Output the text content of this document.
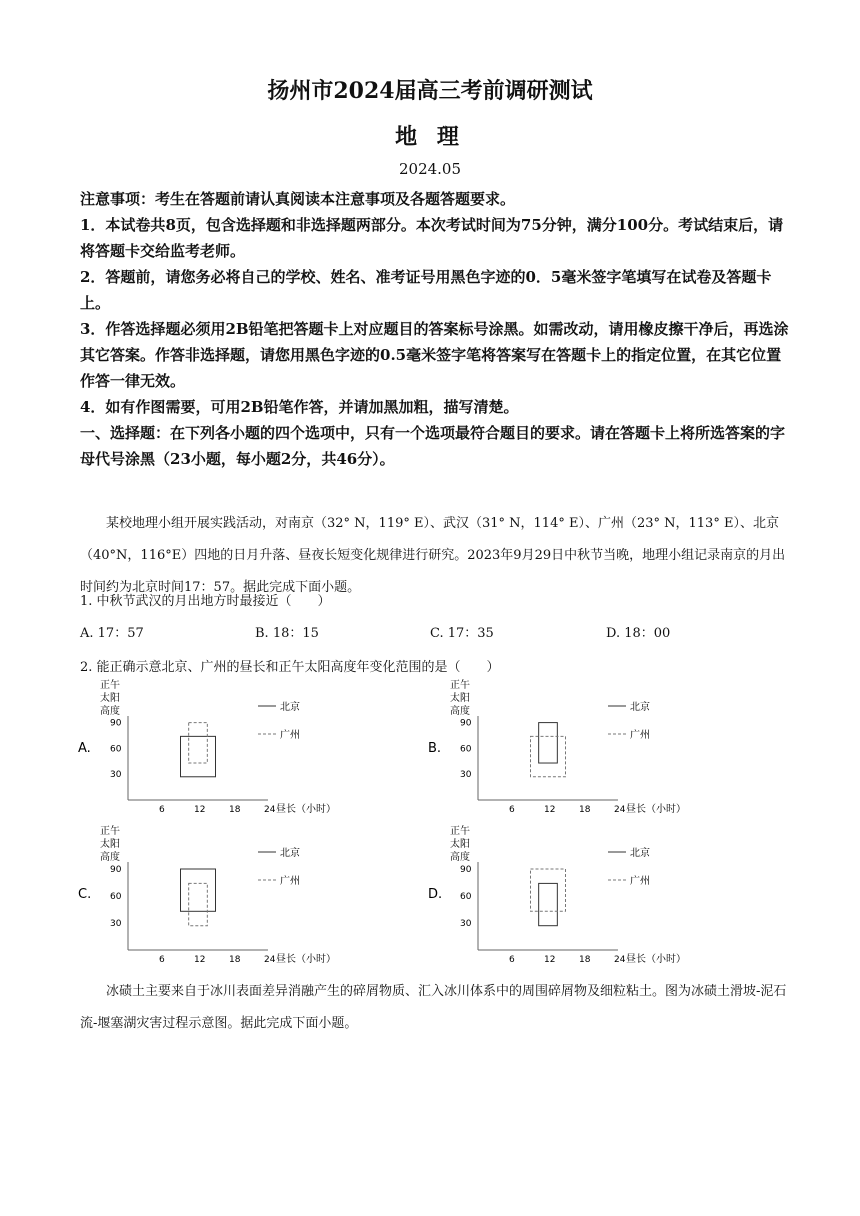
扬州市2024届高三考前调研测试
地 理
2024.05
注意事项：考生在答题前请认真阅读本注意事项及各题答题要求。
1．本试卷共8页，包含选择题和非选择题两部分。本次考试时间为75分钟，满分100分。考试结束后，请将答题卡交给监考老师。
2．答题前，请您务必将自己的学校、姓名、准考证号用黑色字迹的0．5毫米签字笔填写在试卷及答题卡上。
3．作答选择题必须用2B铅笔把答题卡上对应题目的答案标号涂黑。如需改动，请用橡皮擦干净后，再选涂其它答案。作答非选择题，请您用黑色字迹的0.5毫米签字笔将答案写在答题卡上的指定位置，在其它位置作答一律无效。
4．如有作图需要，可用2B铅笔作答，并请加黑加粗，描写清楚。
一、选择题：在下列各小题的四个选项中，只有一个选项最符合题目的要求。请在答题卡上将所选答案的字母代号涂黑（23小题，每小题2分，共46分）。
某校地理小组开展实践活动，对南京（32° N，119° E）、武汉（31° N，114° E）、广州（23° N，113° E）、北京（40°N，116°E）四地的日月升落、昼夜长短变化规律进行研究。2023年9月29日中秋节当晚，地理小组记录南京的月出时间约为北京时间17：57。据此完成下面小题。
1. 中秋节武汉的月出地方时最接近（　　）
A. 17：57	B. 18：15	C. 17：35	D. 18：00
2. 能正确示意北京、广州的昼长和正午太阳高度年变化范围的是（　　）
A.
正午
太阳
高度
90
60
30
6	12	18	24 昼长（小时）
北京
广州
B.
正午
太阳
高度
90
60
30
6	12	18	24 昼长（小时）
北京
广州
C.
正午
太阳
高度
90
60
30
6	12	18	24 昼长（小时）
北京
广州
D.
正午
太阳
高度
90
60
30
6	12	18	24 昼长（小时）
北京
广州
冰碛土主要来自于冰川表面差异消融产生的碎屑物质、汇入冰川体系中的周围碎屑物及细粒粘土。图为冰碛土滑坡-泥石流-堰塞湖灾害过程示意图。据此完成下面小题。
